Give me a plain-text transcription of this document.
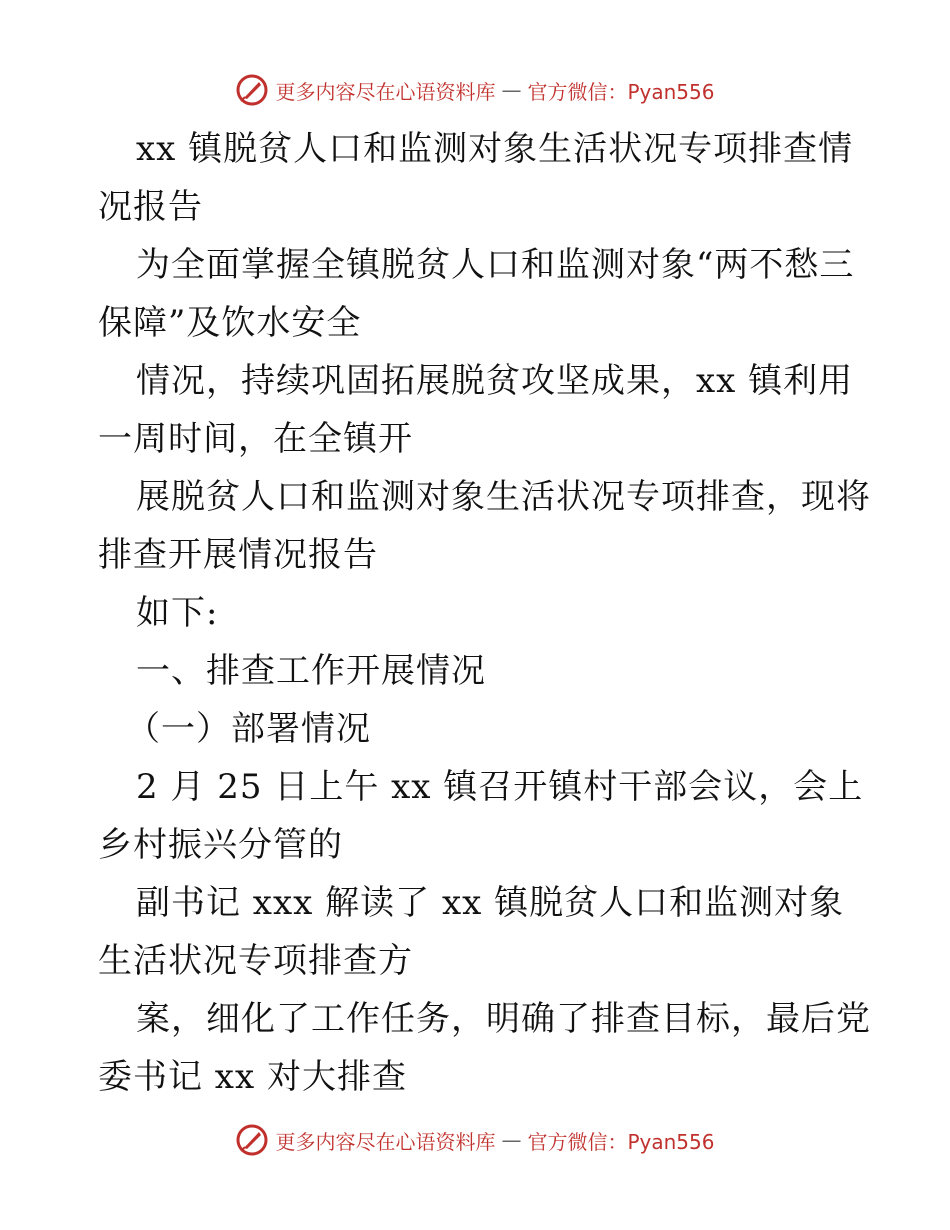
更多内容尽在心语资料库 — 官方微信：Pyan556
xx 镇脱贫人口和监测对象生活状况专项排查情
况报告
为全面掌握全镇脱贫人口和监测对象“两不愁三
保障”及饮水安全
情况，持续巩固拓展脱贫攻坚成果，xx 镇利用
一周时间，在全镇开
展脱贫人口和监测对象生活状况专项排查，现将
排查开展情况报告
如下:
一、排查工作开展情况
（一）部署情况
2 月 25 日上午 xx 镇召开镇村干部会议，会上
乡村振兴分管的
副书记 xxx 解读了 xx 镇脱贫人口和监测对象
生活状况专项排查方
案，细化了工作任务，明确了排查目标，最后党
委书记 xx 对大排查
更多内容尽在心语资料库 — 官方微信：Pyan556
